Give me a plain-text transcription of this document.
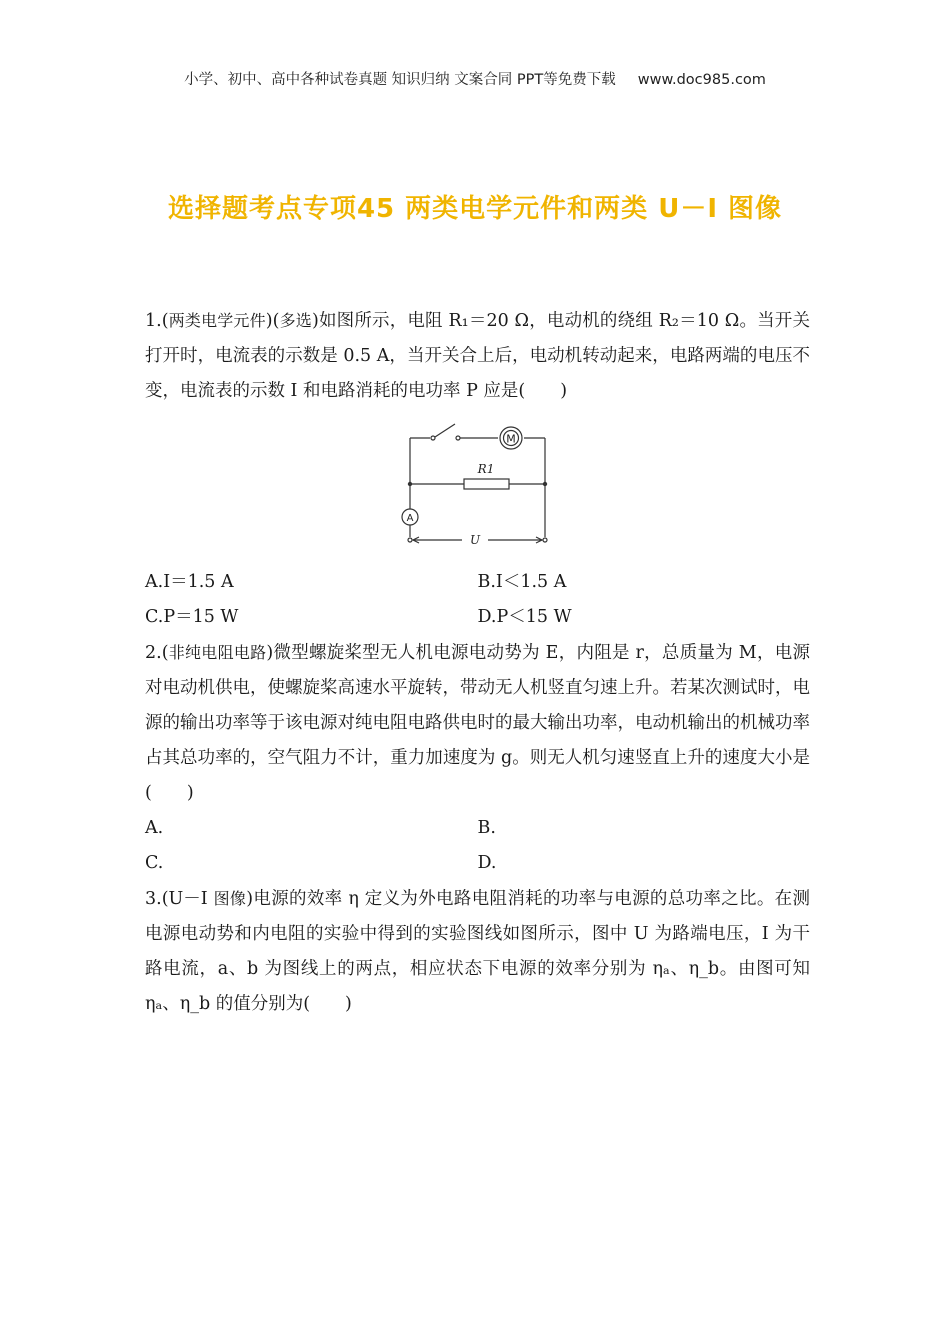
小学、初中、高中各种试卷真题 知识归纳 文案合同 PPT等免费下载 www.doc985.com
选择题考点专项45 两类电学元件和两类 U－I 图像

1.(两类电学元件)(多选)如图所示，电阻 R₁＝20 Ω，电动机的绕组 R₂＝10 Ω。当开关打开时，电流表的示数是 0.5 A，当开关合上后，电动机转动起来，电路两端的电压不变，电流表的示数 I 和电路消耗的电功率 P 应是(　　)

M
A
R1
U
A.I＝1.5 A	B.I＜1.5 A
C.P＝15 W	D.P＜15 W

2.(非纯电阻电路)微型螺旋桨型无人机电源电动势为 E，内阻是 r，总质量为 M，电源对电动机供电，使螺旋桨高速水平旋转，带动无人机竖直匀速上升。若某次测试时，电源的输出功率等于该电源对纯电阻电路供电时的最大输出功率，电动机输出的机械功率占其总功率的，空气阻力不计，重力加速度为 g。则无人机匀速竖直上升的速度大小是(　　)

A.	B.
C.	D.

3.(U－I 图像)电源的效率 η 定义为外电路电阻消耗的功率与电源的总功率之比。在测电源电动势和内电阻的实验中得到的实验图线如图所示，图中 U 为路端电压，I 为干路电流，a、b 为图线上的两点，相应状态下电源的效率分别为 ηₐ、η_b。由图可知 ηₐ、η_b 的值分别为(　　)
